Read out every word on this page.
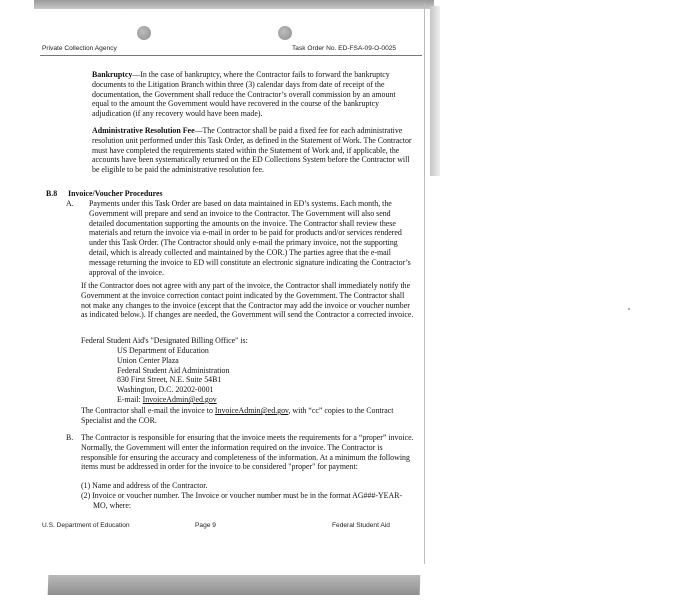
Private Collection Agency	Task Order No. ED-FSA-09-O-0025
Bankruptcy—In the case of bankruptcy, where the Contractor fails to forward the bankruptcy documents to the Litigation Branch within three (3) calendar days from date of receipt of the documentation, the Government shall reduce the Contractor’s overall commission by an amount equal to the amount the Government would have recovered in the course of the bankruptcy adjudication (if any recovery would have been made).
Administrative Resolution Fee—The Contractor shall be paid a fixed fee for each administrative resolution unit performed under this Task Order, as defined in the Statement of Work. The Contractor must have completed the requirements stated within the Statement of Work and, if applicable, the accounts have been systematically returned on the ED Collections System before the Contractor will be eligible to be paid the administrative resolution fee.
B.8 Invoice/Voucher Procedures
A. Payments under this Task Order are based on data maintained in ED’s systems. Each month, the Government will prepare and send an invoice to the Contractor. The Government will also send detailed documentation supporting the amounts on the invoice. The Contractor shall review these materials and return the invoice via e-mail in order to be paid for products and/or services rendered under this Task Order. (The Contractor should only e-mail the primary invoice, not the supporting detail, which is already collected and maintained by the COR.) The parties agree that the e-mail message returning the invoice to ED will constitute an electronic signature indicating the Contractor’s approval of the invoice.
If the Contractor does not agree with any part of the invoice, the Contractor shall immediately notify the Government at the invoice correction contact point indicated by the Government. The Contractor shall not make any changes to the invoice (except that the Contractor may add the invoice or voucher number as indicated below.). If changes are needed, the Government will send the Contractor a corrected invoice.
Federal Student Aid's "Designated Billing Office" is:
US Department of Education
Union Center Plaza
Federal Student Aid Administration
830 First Street, N.E. Suite 54B1
Washington, D.C. 20202-0001
E-mail: InvoiceAdmin@ed.gov
The Contractor shall e-mail the invoice to InvoiceAdmin@ed.gov, with “cc” copies to the Contract Specialist and the COR.
B. The Contractor is responsible for ensuring that the invoice meets the requirements for a “proper” invoice. Normally, the Government will enter the information required on the invoice. The Contractor is responsible for ensuring the accuracy and completeness of the information. At a minimum the following items must be addressed in order for the invoice to be considered "proper" for payment:
(1) Name and address of the Contractor.
(2) Invoice or voucher number. The Invoice or voucher number must be in the format AG###-YEAR-MO, where:
U.S. Department of Education	Page 9	Federal Student Aid
